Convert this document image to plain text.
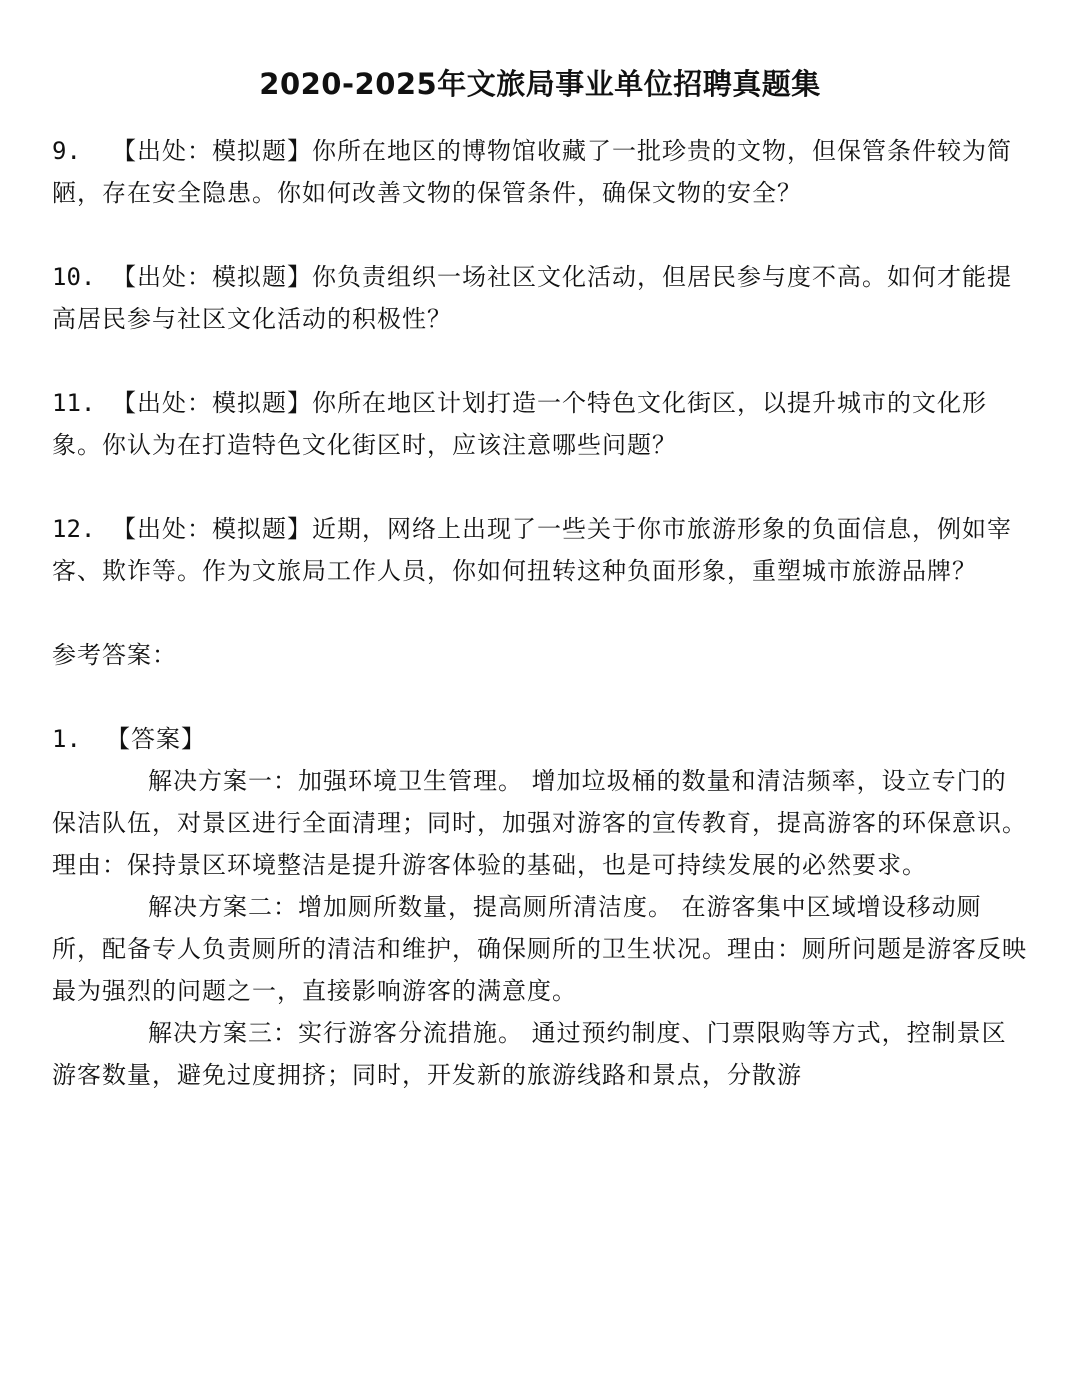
2020-2025年文旅局事业单位招聘真题集

9. 【出处：模拟题】你所在地区的博物馆收藏了一批珍贵的文物，但保管条件较为简陋，存在安全隐患。你如何改善文物的保管条件，确保文物的安全？

10. 【出处：模拟题】你负责组织一场社区文化活动，但居民参与度不高。如何才能提高居民参与社区文化活动的积极性？

11. 【出处：模拟题】你所在地区计划打造一个特色文化街区，以提升城市的文化形象。你认为在打造特色文化街区时，应该注意哪些问题？

12. 【出处：模拟题】近期，网络上出现了一些关于你市旅游形象的负面信息，例如宰客、欺诈等。作为文旅局工作人员，你如何扭转这种负面形象，重塑城市旅游品牌？

参考答案：

1. 【答案】

解决方案一：加强环境卫生管理。 增加垃圾桶的数量和清洁频率，设立专门的保洁队伍，对景区进行全面清理；同时，加强对游客的宣传教育，提高游客的环保意识。理由：保持景区环境整洁是提升游客体验的基础，也是可持续发展的必然要求。

解决方案二：增加厕所数量，提高厕所清洁度。 在游客集中区域增设移动厕所，配备专人负责厕所的清洁和维护，确保厕所的卫生状况。理由：厕所问题是游客反映最为强烈的问题之一，直接影响游客的满意度。

解决方案三：实行游客分流措施。 通过预约制度、门票限购等方式，控制景区游客数量，避免过度拥挤；同时，开发新的旅游线路和景点，分散游
